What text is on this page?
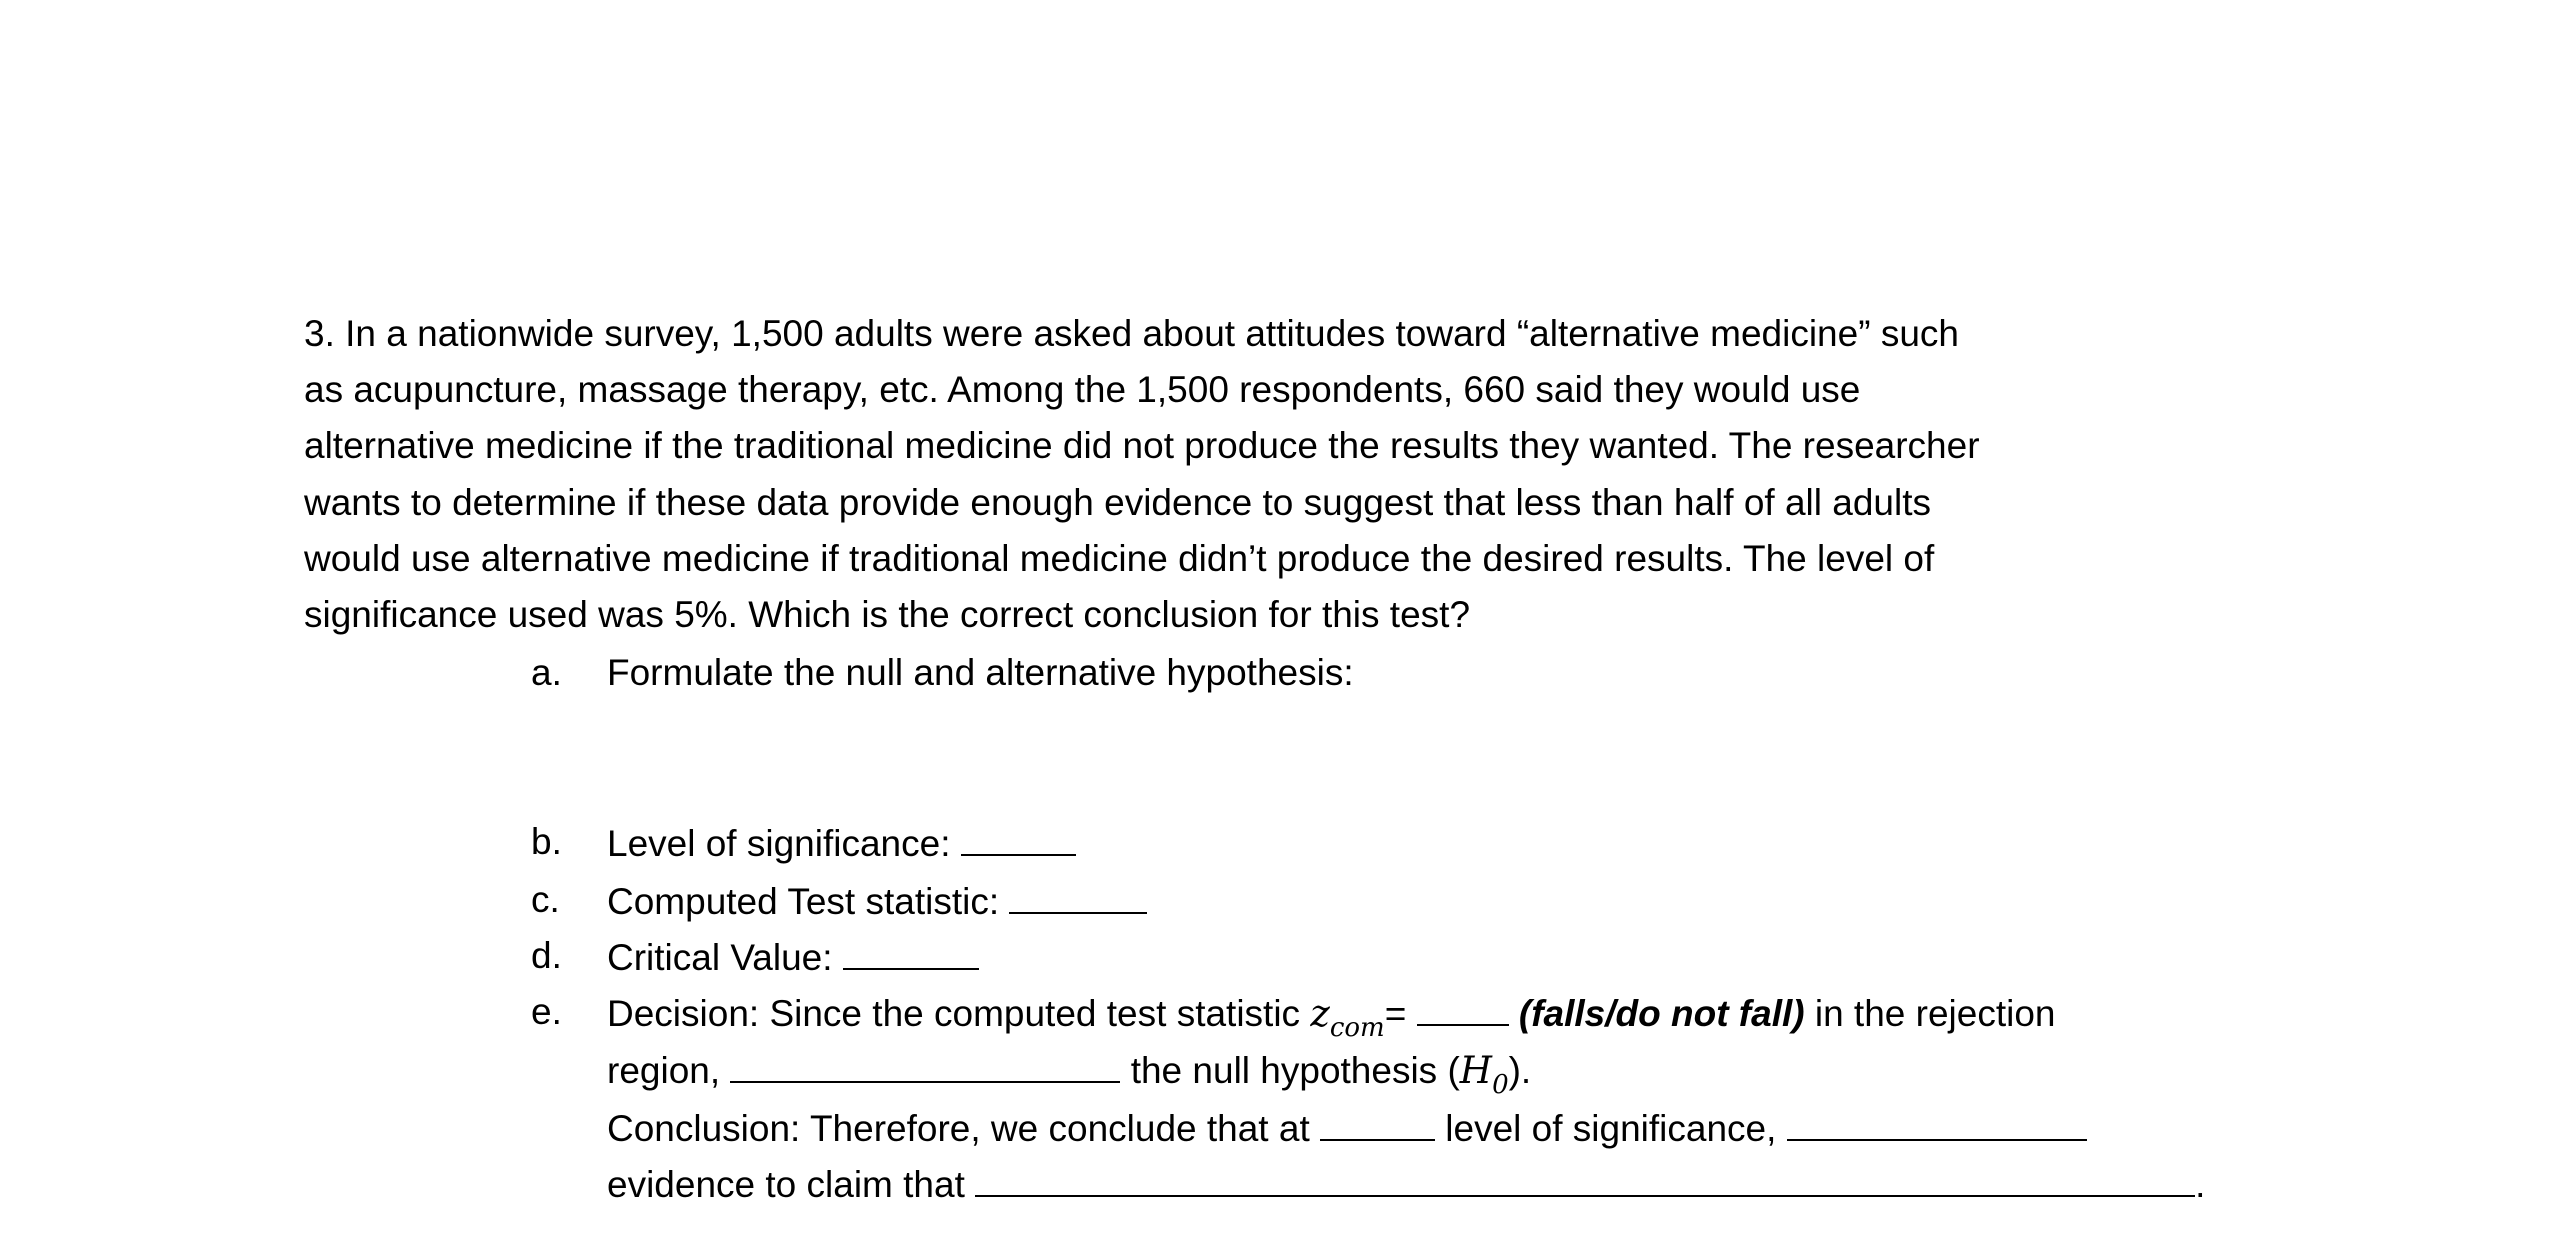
3. In a nationwide survey, 1,500 adults were asked about attitudes toward “alternative medicine” such
as acupuncture, massage therapy, etc. Among the 1,500 respondents, 660 said they would use
alternative medicine if the traditional medicine did not produce the results they wanted. The researcher
wants to determine if these data provide enough evidence to suggest that less than half of all adults
would use alternative medicine if traditional medicine didn’t produce the desired results. The level of
significance used was 5%. Which is the correct conclusion for this test?
a. Formulate the null and alternative hypothesis:
b. Level of significance:
c. Computed Test statistic:
d. Critical Value:
e. Decision: Since the computed test statistic $z_{com}=$	(falls/do not fall) in the rejection
region,	the null hypothesis $(H_0)$.
Conclusion: Therefore, we conclude that at	level of significance,
evidence to claim that	.
